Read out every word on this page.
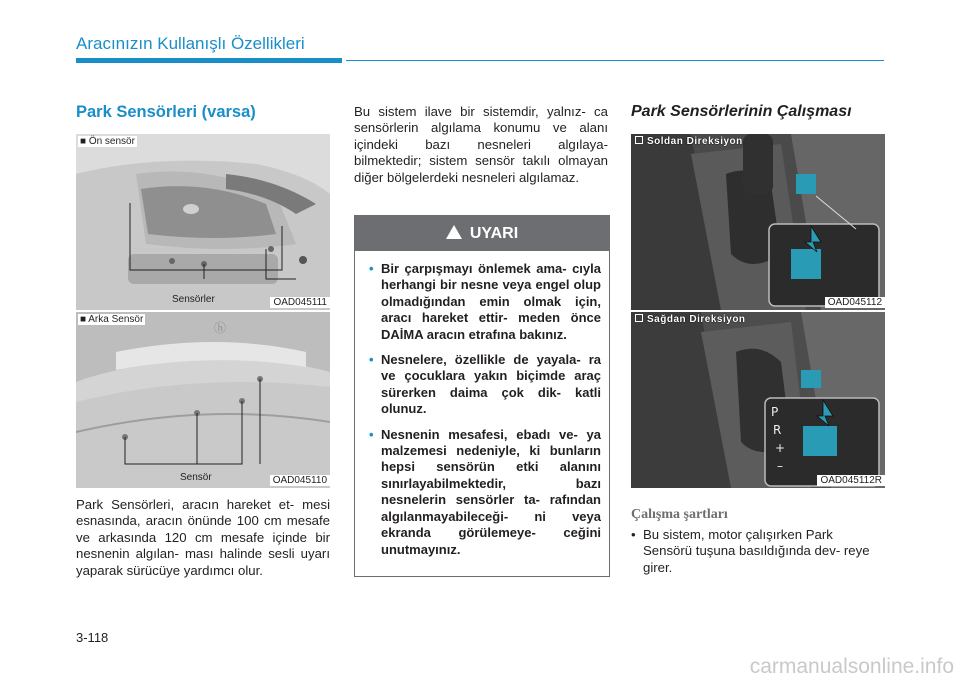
Aracınızın Kullanışlı Özellikleri
Park Sensörleri (varsa)
■ Ön sensör
Sensörler	OAD045111
ⓗ
■ Arka Sensör
Sensör	OAD045110
Park Sensörleri, aracın hareket et- mesi esnasında, aracın önünde 100 cm mesafe ve arkasında 120 cm mesafe içinde bir nesnenin algılan- ması halinde sesli uyarı yaparak sürücüye yardımcı olur.
Bu sistem ilave bir sistemdir, yalnız- ca sensörlerin algılama konumu ve alanı içindeki bazı nesneleri algılaya- bilmektedir; sistem sensör takılı olmayan diğer bölgelerdeki nesneleri algılamaz.
UYARI
• Bir çarpışmayı önlemek ama- cıyla herhangi bir nesne veya engel olup olmadığından emin olmak için, aracı hareket ettir- meden önce DAİMA aracın etrafına bakınız.
• Nesnelere, özellikle de yayala- ra ve çocuklara yakın biçimde araç sürerken daima çok dik- katli olunuz.
• Nesnenin mesafesi, ebadı ve- ya malzemesi nedeniyle, ki bunların hepsi sensörün etki alanını sınırlayabilmektedir, bazı nesnelerin sensörler ta- rafından algılanmayabileceği- ni veya ekranda görülemeye- ceğini unutmayınız.
Park Sensörlerinin Çalışması
Soldan Direksiyon
OAD045112
P
R
+
–
Sağdan Direksiyon
OAD045112R
Çalışma şartları
• Bu sistem, motor çalışırken Park Sensörü tuşuna basıldığında dev- reye girer.
3-118
carmanualsonline.info
